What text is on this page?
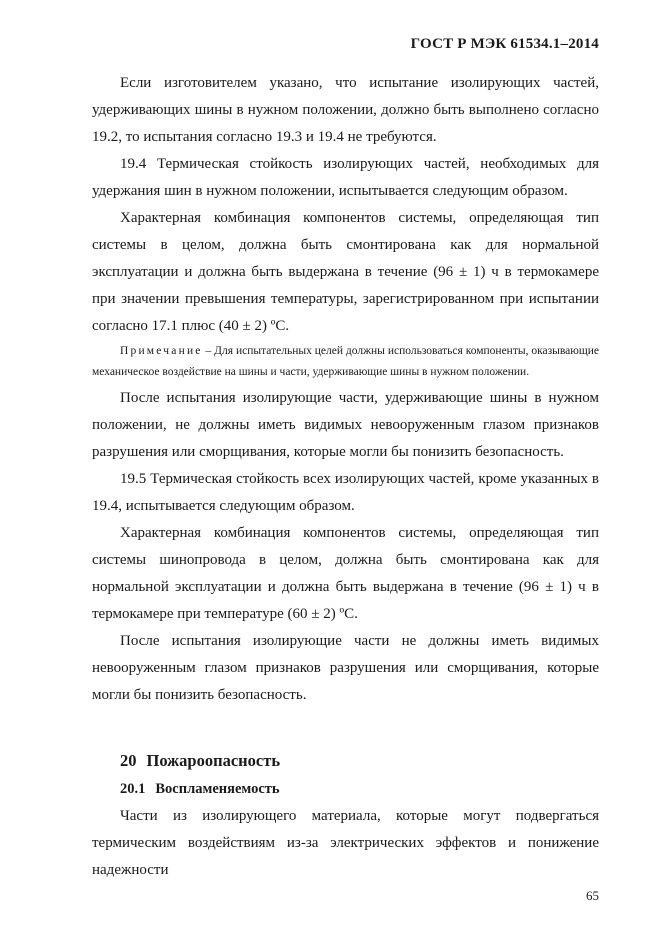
ГОСТ Р МЭК 61534.1–2014

Если изготовителем указано, что испытание изолирующих частей, удерживающих шины в нужном положении, должно быть выполнено согласно 19.2, то испытания согласно 19.3 и 19.4 не требуются.

19.4 Термическая стойкость изолирующих частей, необходимых для удержания шин в нужном положении, испытывается следующим образом.

Характерная комбинация компонентов системы, определяющая тип системы в целом, должна быть смонтирована как для нормальной эксплуатации и должна быть выдержана в течение (96 ± 1) ч в термокамере при значении превышения температуры, зарегистрированном при испытании согласно 17.1 плюс (40 ± 2) ºС.

Примечание – Для испытательных целей должны использоваться компоненты, оказывающие механическое воздействие на шины и части, удерживающие шины в нужном положении.

После испытания изолирующие части, удерживающие шины в нужном положении, не должны иметь видимых невооруженным глазом признаков разрушения или сморщивания, которые могли бы понизить безопасность.

19.5 Термическая стойкость всех изолирующих частей, кроме указанных в 19.4, испытывается следующим образом.

Характерная комбинация компонентов системы, определяющая тип системы шинопровода в целом, должна быть смонтирована как для нормальной эксплуатации и должна быть выдержана в течение (96 ± 1) ч в термокамере при температуре (60 ± 2) ºС.

После испытания изолирующие части не должны иметь видимых невооруженным глазом признаков разрушения или сморщивания, которые могли бы понизить безопасность.

20 Пожароопасность
20.1 Воспламеняемость

Части из изолирующего материала, которые могут подвергаться термическим воздействиям из-за электрических эффектов и понижение надежности

65
